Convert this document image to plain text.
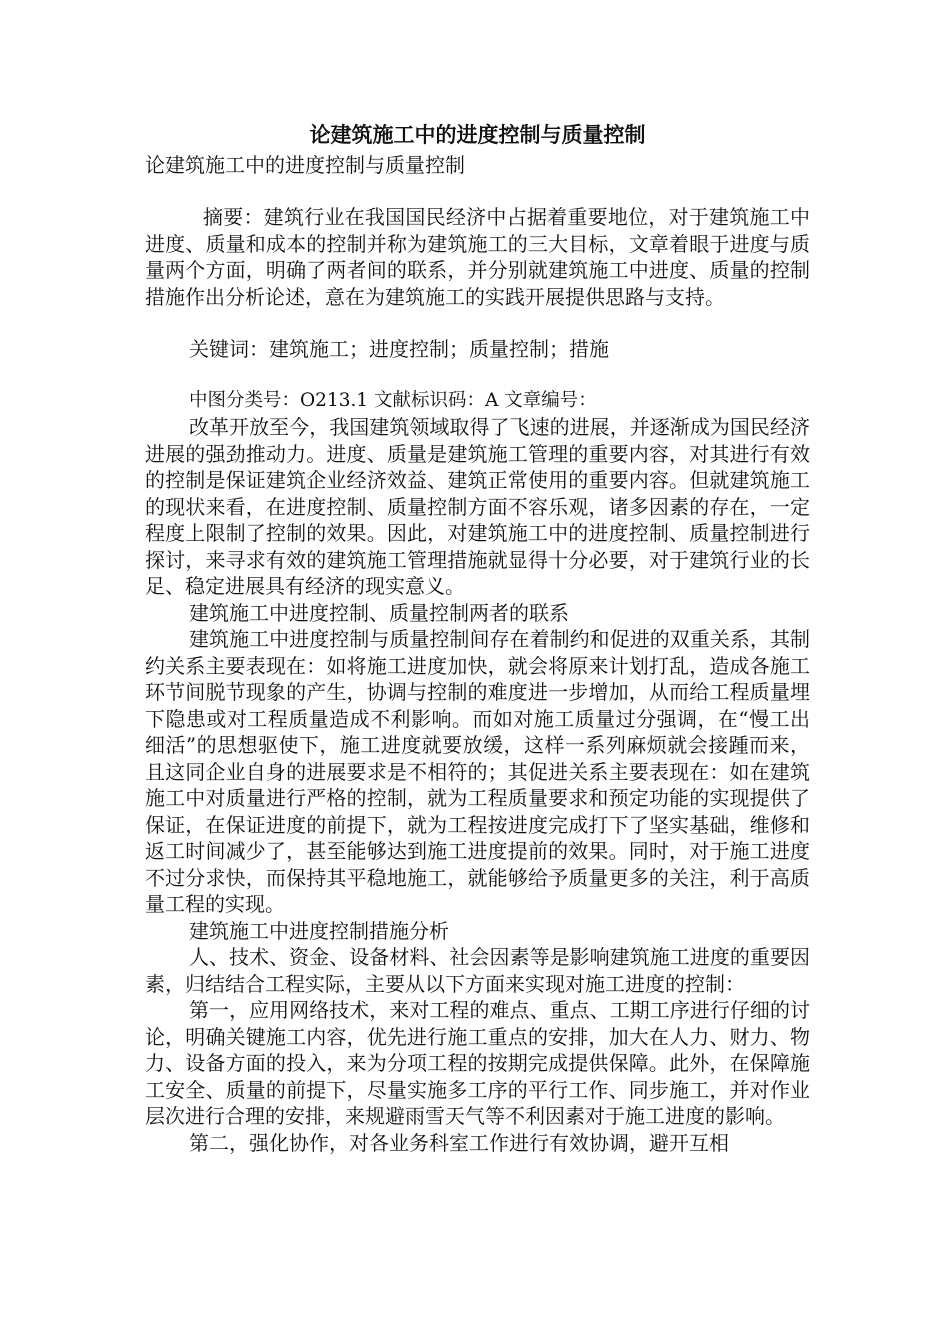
论建筑施工中的进度控制与质量控制

论建筑施工中的进度控制与质量控制

摘要：建筑行业在我国国民经济中占据着重要地位，对于建筑施工中进度、质量和成本的控制并称为建筑施工的三大目标，文章着眼于进度与质量两个方面，明确了两者间的联系，并分别就建筑施工中进度、质量的控制措施作出分析论述，意在为建筑施工的实践开展提供思路与支持。

关键词：建筑施工；进度控制；质量控制；措施

中图分类号：O213.1 文献标识码：A 文章编号：

改革开放至今，我国建筑领域取得了飞速的进展，并逐渐成为国民经济进展的强劲推动力。进度、质量是建筑施工管理的重要内容，对其进行有效的控制是保证建筑企业经济效益、建筑正常使用的重要内容。但就建筑施工的现状来看，在进度控制、质量控制方面不容乐观，诸多因素的存在，一定程度上限制了控制的效果。因此，对建筑施工中的进度控制、质量控制进行探讨，来寻求有效的建筑施工管理措施就显得十分必要，对于建筑行业的长足、稳定进展具有经济的现实意义。

建筑施工中进度控制、质量控制两者的联系

建筑施工中进度控制与质量控制间存在着制约和促进的双重关系，其制约关系主要表现在：如将施工进度加快，就会将原来计划打乱，造成各施工环节间脱节现象的产生，协调与控制的难度进一步增加，从而给工程质量埋下隐患或对工程质量造成不利影响。而如对施工质量过分强调，在“慢工出细活”的思想驱使下，施工进度就要放缓，这样一系列麻烦就会接踵而来，且这同企业自身的进展要求是不相符的；其促进关系主要表现在：如在建筑施工中对质量进行严格的控制，就为工程质量要求和预定功能的实现提供了保证，在保证进度的前提下，就为工程按进度完成打下了坚实基础，维修和返工时间减少了，甚至能够达到施工进度提前的效果。同时，对于施工进度不过分求快，而保持其平稳地施工，就能够给予质量更多的关注，利于高质量工程的实现。

建筑施工中进度控制措施分析

人、技术、资金、设备材料、社会因素等是影响建筑施工进度的重要因素，归结结合工程实际，主要从以下方面来实现对施工进度的控制：

第一，应用网络技术，来对工程的难点、重点、工期工序进行仔细的讨论，明确关键施工内容，优先进行施工重点的安排，加大在人力、财力、物力、设备方面的投入，来为分项工程的按期完成提供保障。此外，在保障施工安全、质量的前提下，尽量实施多工序的平行工作、同步施工，并对作业层次进行合理的安排，来规避雨雪天气等不利因素对于施工进度的影响。

第二，强化协作，对各业务科室工作进行有效协调，避开互相
